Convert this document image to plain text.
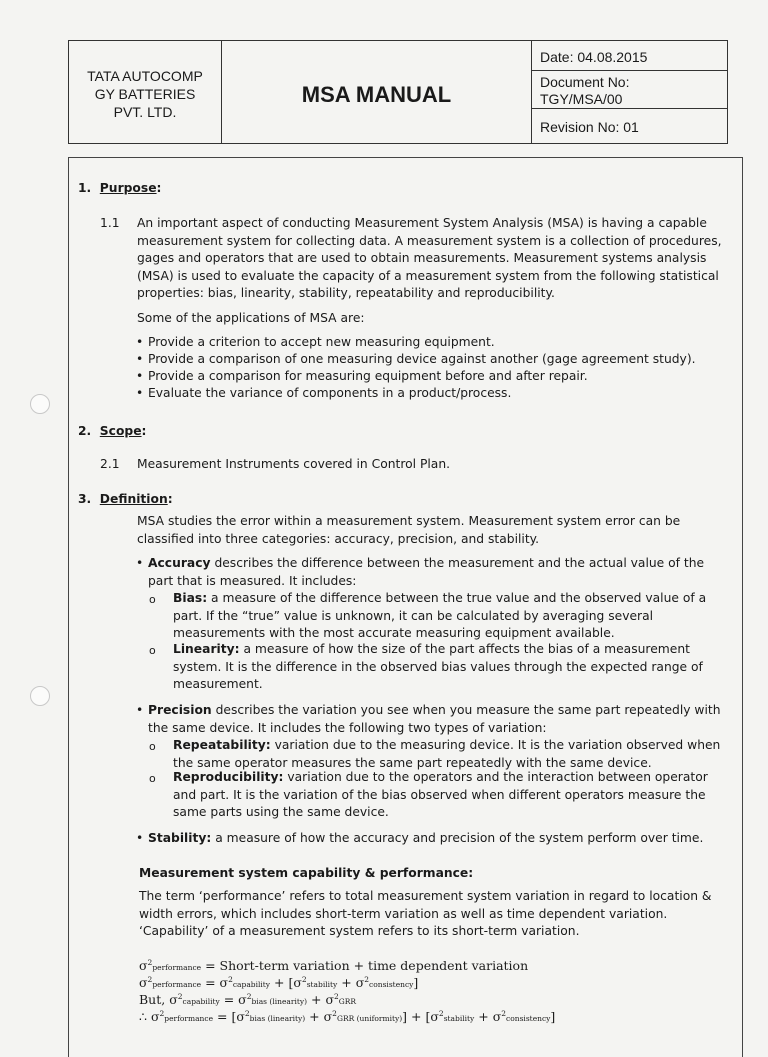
TATA AUTOCOMP
GY BATTERIES
PVT. LTD.
MSA MANUAL
Date: 04.08.2015
Document No:
TGY/MSA/00
Revision No: 01
1. Purpose:
1.1 An important aspect of conducting Measurement System Analysis (MSA) is having a capable
measurement system for collecting data. A measurement system is a collection of procedures,
gages and operators that are used to obtain measurements. Measurement systems analysis
(MSA) is used to evaluate the capacity of a measurement system from the following statistical
properties: bias, linearity, stability, repeatability and reproducibility.
Some of the applications of MSA are:
• Provide a criterion to accept new measuring equipment.
• Provide a comparison of one measuring device against another (gage agreement study).
• Provide a comparison for measuring equipment before and after repair.
• Evaluate the variance of components in a product/process.
2. Scope:
2.1 Measurement Instruments covered in Control Plan.
3. Definition:
MSA studies the error within a measurement system. Measurement system error can be
classified into three categories: accuracy, precision, and stability.
• Accuracy describes the difference between the measurement and the actual value of the
part that is measured. It includes:
o Bias: a measure of the difference between the true value and the observed value of a
part. If the “true” value is unknown, it can be calculated by averaging several
measurements with the most accurate measuring equipment available.
o Linearity: a measure of how the size of the part affects the bias of a measurement
system. It is the difference in the observed bias values through the expected range of
measurement.
• Precision describes the variation you see when you measure the same part repeatedly with
the same device. It includes the following two types of variation:
o Repeatability: variation due to the measuring device. It is the variation observed when
the same operator measures the same part repeatedly with the same device.
o Reproducibility: variation due to the operators and the interaction between operator
and part. It is the variation of the bias observed when different operators measure the
same parts using the same device.
• Stability: a measure of how the accuracy and precision of the system perform over time.
Measurement system capability & performance:
The term ‘performance’ refers to total measurement system variation in regard to location &
width errors, which includes short-term variation as well as time dependent variation.
‘Capability’ of a measurement system refers to its short-term variation.
$\sigma^2performance$ = Short-term variation + time dependent variation
$\sigma^2performance$ = $\sigma^2capability$ + [$\sigma^2stability$ + $\sigma^2consistency$]
But, $\sigma^2capability$ = $\sigma^2bias$ (linearity) + $\sigma^2GRR$
∴ $\sigma^2performance$ = [$\sigma^2bias$ (linearity) + $\sigma^2GRR$ (uniformity)] + [$\sigma^2stability$ + $\sigma^2consistency$]
